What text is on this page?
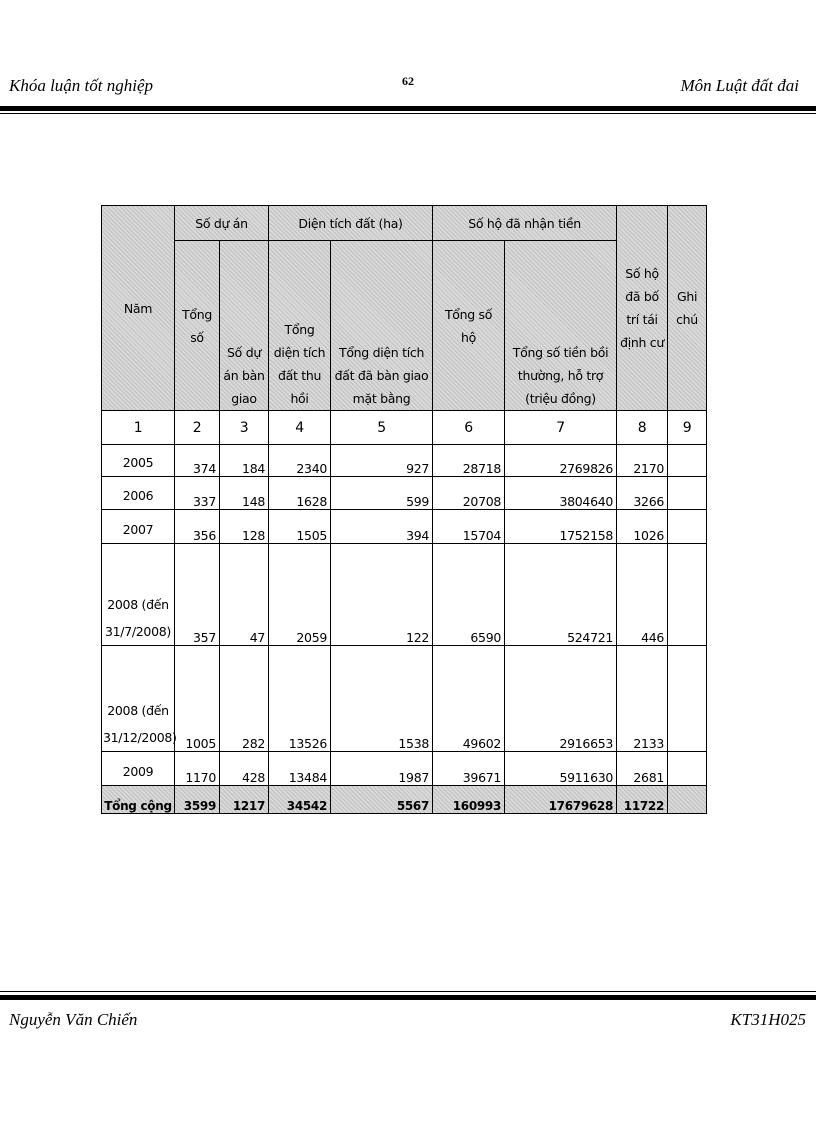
Khóa luận tốt nghiệp	62	Môn Luật đất đai
Năm	Số dự án		Diện tích đất (ha)		Số hộ đã nhận tiền		Số hộ đã bố trí tái định cư	Ghi chú
	Tổng số	Số dự án bàn giao	Tổng diện tích đất thu hồi	Tổng diện tích đất đã bàn giao mặt bằng	Tổng số hộ	Tổng số tiền bồi thường, hỗ trợ (triệu đồng)		
1	2	3	4	5	6	7	8	9
2005	374	184	2340	927	28718	2769826	2170	
2006	337	148	1628	599	20708	3804640	3266	
2007	356	128	1505	394	15704	1752158	1026	
2008 (đến 31/7/2008)	357	47	2059	122	6590	524721	446	
2008 (đến 31/12/2008)	1005	282	13526	1538	49602	2916653	2133	
2009	1170	428	13484	1987	39671	5911630	2681	
Tổng cộng	3599	1217	34542	5567	160993	17679628	11722	
Nguyễn Văn Chiến	KT31H025
